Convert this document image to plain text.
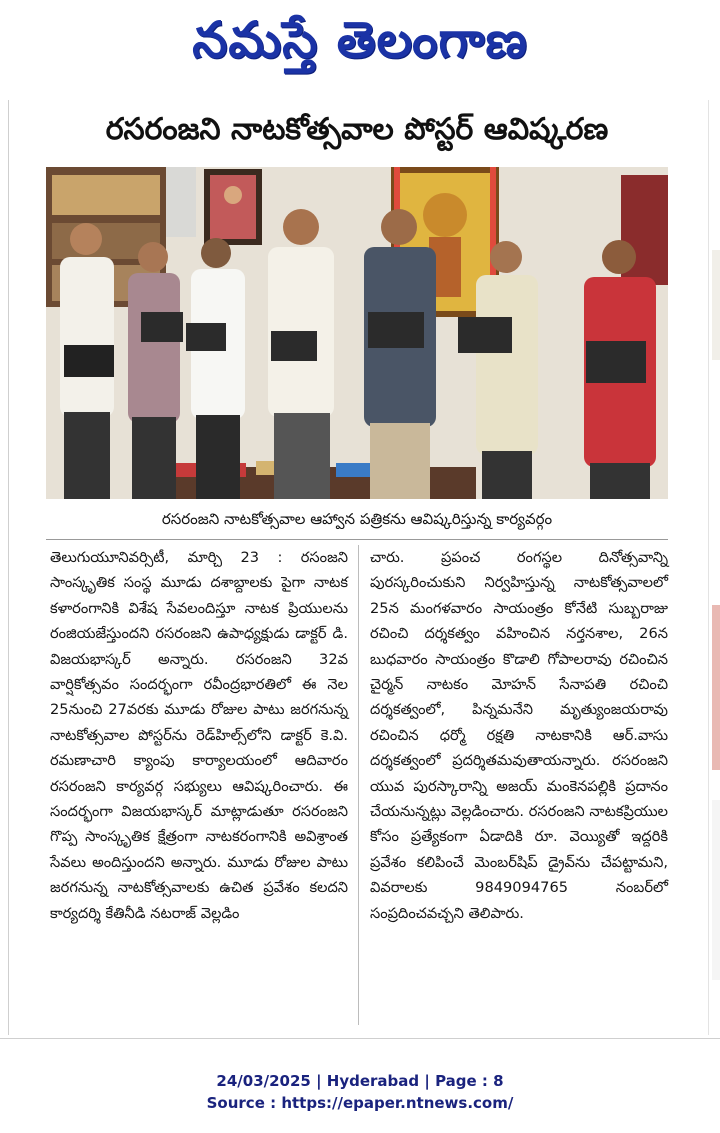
నమస్తే తెలంగాణ
రసరంజని నాటకోత్సవాల పోస్టర్ ఆవిష్కరణ
రసరంజని నాటకోత్సవాల ఆహ్వాన పత్రికను ఆవిష్కరిస్తున్న కార్యవర్గం

తెలుగుయూనివర్సిటీ, మార్చి 23 : రసంజని సాంస్కృతిక సంస్థ మూడు దశాబ్దాలకు పైగా నాటక కళారంగానికి విశేష సేవలందిస్తూ నాటక ప్రియులను రంజియజేస్తుందని రసరంజని ఉపాధ్యక్షుడు డాక్టర్ డి. విజయభాస్కర్ అన్నారు. రసరంజని 32వ వార్షికోత్సవం సందర్భంగా రవీంద్రభారతిలో ఈ నెల 25నుంచి 27వరకు మూడు రోజుల పాటు జరగనున్న నాటకోత్సవాల పోస్టర్‌ను రెడ్‌హిల్స్‌లోని డాక్టర్ కె.వి. రమణాచారి క్యాంపు కార్యాలయంలో ఆదివారం రసరంజని కార్యవర్గ సభ్యులు ఆవిష్కరించారు. ఈ సందర్భంగా విజయభాస్కర్ మాట్లాడుతూ రసరంజని గొప్ప సాంస్కృతిక క్షేత్రంగా నాటకరంగానికి అవిశ్రాంత సేవలు అందిస్తుందని అన్నారు. మూడు రోజుల పాటు జరగనున్న నాటకోత్సవాలకు ఉచిత ప్రవేశం కలదని కార్యదర్శి కేతినీడి నటరాజ్ వెల్లడిం

చారు. ప్రపంచ రంగస్థల దినోత్సవాన్ని పురస్కరించుకుని నిర్వహిస్తున్న నాటకోత్సవాలలో 25న మంగళవారం సాయంత్రం కోనేటి సుబ్బరాజు రచించి దర్శకత్వం వహించిన నర్తనశాల, 26న బుధవారం సాయంత్రం కొడాలి గోపాలరావు రచించిన చైర్మన్ నాటకం మోహన్ సేనాపతి రచించి దర్శకత్వంలో, పిన్నమనేని మృత్యుంజయరావు రచించిన ధర్మో రక్షతి నాటకానికి ఆర్.వాసు దర్శకత్వంలో ప్రదర్శితమవుతాయన్నారు. రసరంజని యువ పురస్కారాన్ని అజయ్ మంకెనపల్లికి ప్రదానం చేయనున్నట్లు వెల్లడించారు. రసరంజని నాటకప్రియుల కోసం ప్రత్యేకంగా ఏడాదికి రూ. వెయ్యితో ఇద్దరికి ప్రవేశం కలిపించే మెంబర్‌షిప్ డ్రైవ్‌ను చేపట్టామని, వివరాలకు 9849094765 నంబర్‌లో సంప్రదించవచ్చని తెలిపారు.

24/03/2025 | Hyderabad | Page : 8
Source : https://epaper.ntnews.com/
